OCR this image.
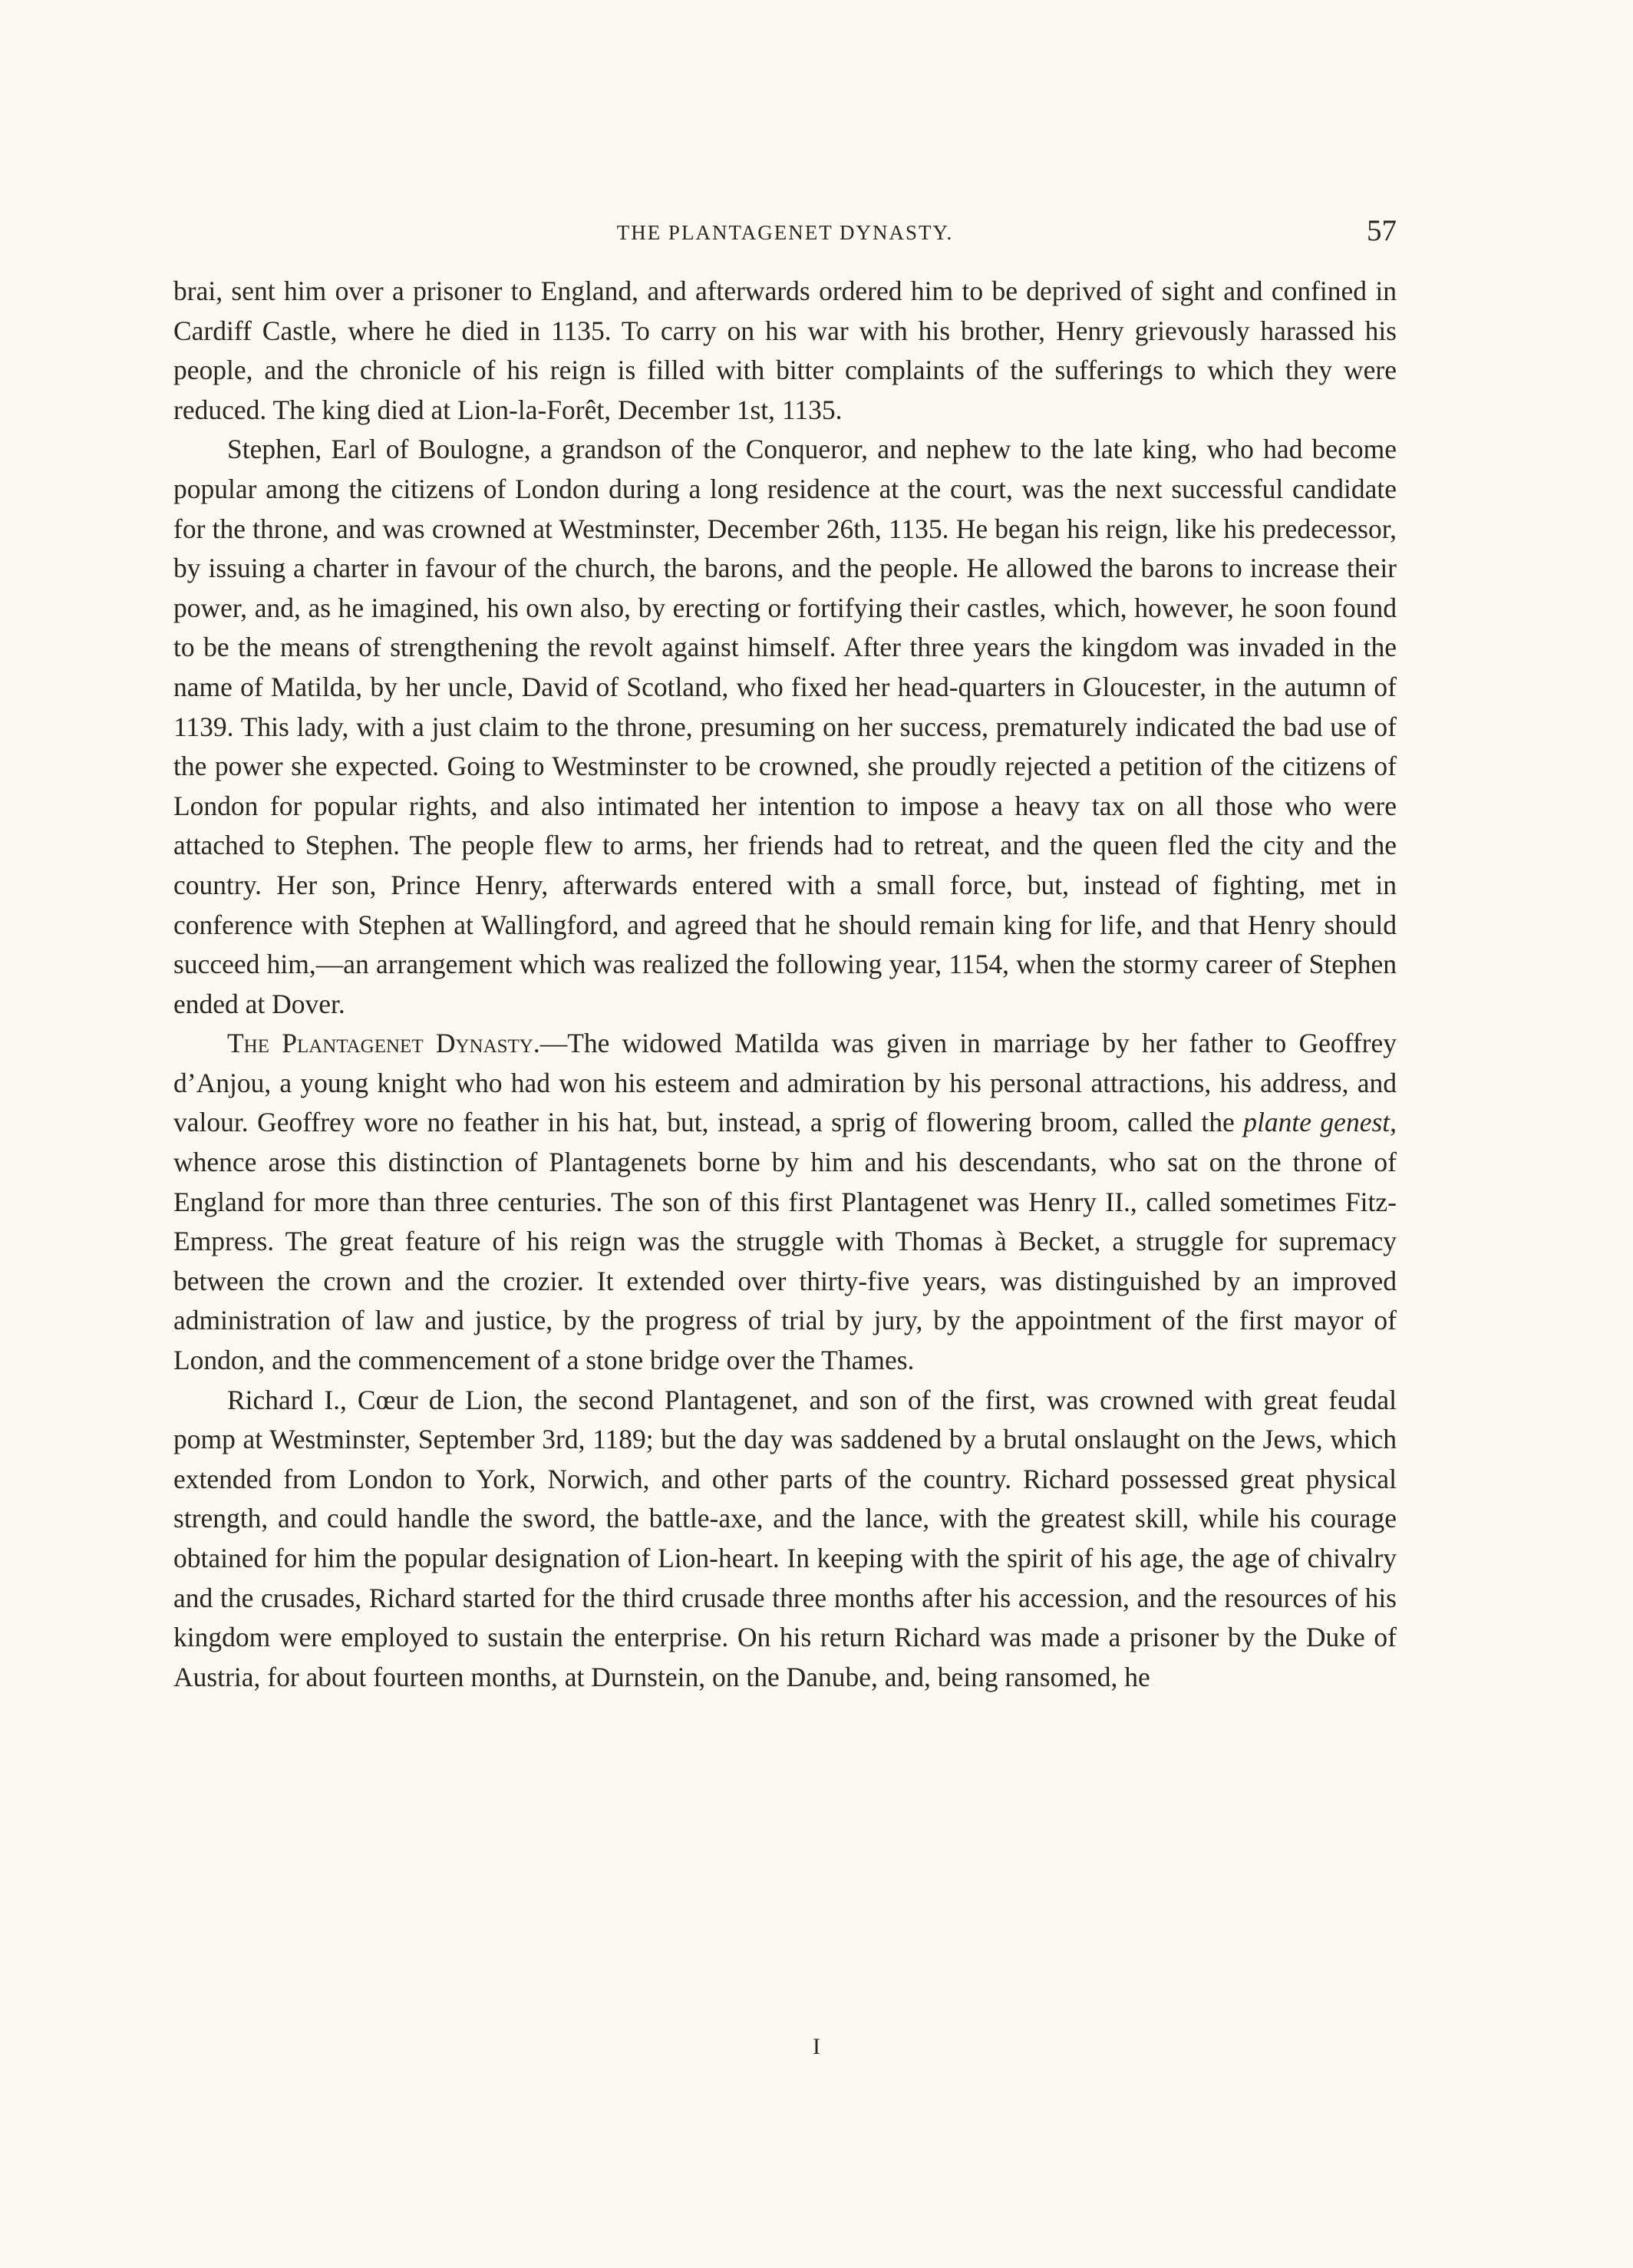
THE PLANTAGENET DYNASTY.	57

brai, sent him over a prisoner to England, and afterwards ordered him to be deprived of sight and confined in Cardiff Castle, where he died in 1135. To carry on his war with his brother, Henry grievously harassed his people, and the chronicle of his reign is filled with bitter complaints of the sufferings to which they were reduced. The king died at Lion-la-Forêt, December 1st, 1135.

Stephen, Earl of Boulogne, a grandson of the Conqueror, and nephew to the late king, who had become popular among the citizens of London during a long residence at the court, was the next successful candidate for the throne, and was crowned at Westminster, December 26th, 1135. He began his reign, like his predecessor, by issuing a charter in favour of the church, the barons, and the people. He allowed the barons to increase their power, and, as he imagined, his own also, by erecting or fortifying their castles, which, however, he soon found to be the means of strengthening the revolt against himself. After three years the kingdom was invaded in the name of Matilda, by her uncle, David of Scotland, who fixed her head-quarters in Gloucester, in the autumn of 1139. This lady, with a just claim to the throne, presuming on her success, prematurely indicated the bad use of the power she expected. Going to Westminster to be crowned, she proudly rejected a petition of the citizens of London for popular rights, and also intimated her intention to impose a heavy tax on all those who were attached to Stephen. The people flew to arms, her friends had to retreat, and the queen fled the city and the country. Her son, Prince Henry, afterwards entered with a small force, but, instead of fighting, met in conference with Stephen at Wallingford, and agreed that he should remain king for life, and that Henry should succeed him,—an arrangement which was realized the following year, 1154, when the stormy career of Stephen ended at Dover.

The Plantagenet Dynasty.—The widowed Matilda was given in marriage by her father to Geoffrey d’Anjou, a young knight who had won his esteem and admiration by his personal attractions, his address, and valour. Geoffrey wore no feather in his hat, but, instead, a sprig of flowering broom, called the plante genest, whence arose this distinction of Plantagenets borne by him and his descendants, who sat on the throne of England for more than three centuries. The son of this first Plantagenet was Henry II., called sometimes Fitz-Empress. The great feature of his reign was the struggle with Thomas à Becket, a struggle for supremacy between the crown and the crozier. It extended over thirty-five years, was distinguished by an improved administration of law and justice, by the progress of trial by jury, by the appointment of the first mayor of London, and the commencement of a stone bridge over the Thames.

Richard I., Cœur de Lion, the second Plantagenet, and son of the first, was crowned with great feudal pomp at Westminster, September 3rd, 1189; but the day was saddened by a brutal onslaught on the Jews, which extended from London to York, Norwich, and other parts of the country. Richard possessed great physical strength, and could handle the sword, the battle-axe, and the lance, with the greatest skill, while his courage obtained for him the popular designation of Lion-heart. In keeping with the spirit of his age, the age of chivalry and the crusades, Richard started for the third crusade three months after his accession, and the resources of his kingdom were employed to sustain the enterprise. On his return Richard was made a prisoner by the Duke of Austria, for about fourteen months, at Durnstein, on the Danube, and, being ransomed, he

I
